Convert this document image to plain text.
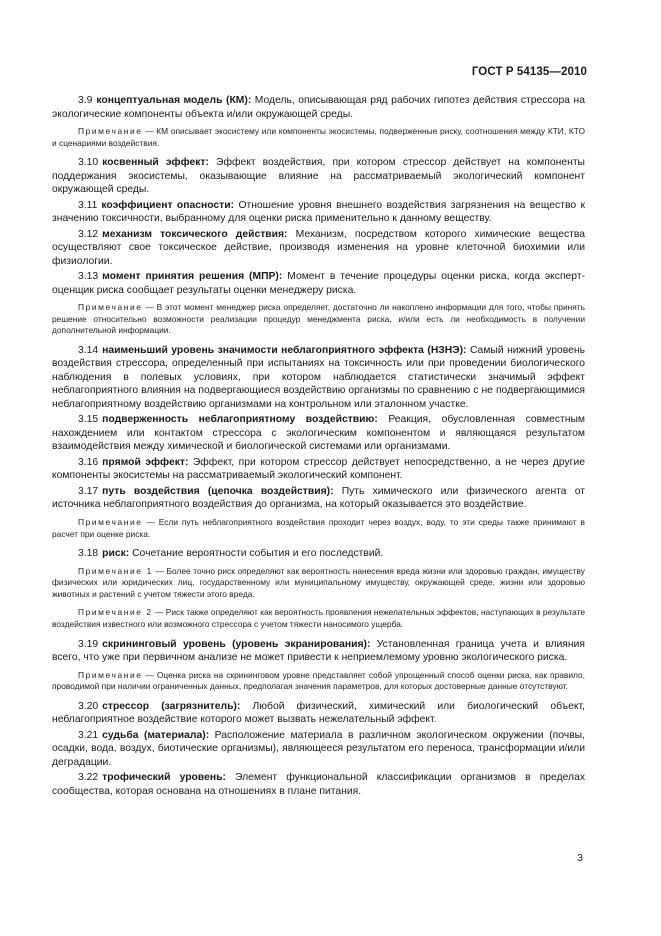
ГОСТ Р 54135—2010

3.9 концептуальная модель (КМ): Модель, описывающая ряд рабочих гипотез действия стрессора на экологические компоненты объекта и/или окружающей среды.

Примечание — КМ описывает экосистему или компоненты экосистемы, подверженные риску, соотношения между КТИ, КТО и сценариями воздействия.

3.10 косвенный эффект: Эффект воздействия, при котором стрессор действует на компоненты поддержания экосистемы, оказывающие влияние на рассматриваемый экологический компонент окружающей среды.

3.11 коэффициент опасности: Отношение уровня внешнего воздействия загрязнения на вещество к значению токсичности, выбранному для оценки риска применительно к данному веществу.

3.12 механизм токсического действия: Механизм, посредством которого химические вещества осуществляют свое токсическое действие, производя изменения на уровне клеточной биохимии или физиологии.

3.13 момент принятия решения (МПР): Момент в течение процедуры оценки риска, когда эксперт-оценщик риска сообщает результаты оценки менеджеру риска.

Примечание — В этот момент менеджер риска определяет, достаточно ли накоплено информации для того, чтобы принять решение относительно возможности реализации процедур менеджмента риска, и/или есть ли необходимость в получении дополнительной информации.

3.14 наименьший уровень значимости неблагоприятного эффекта (НЗНЭ): Самый нижний уровень воздействия стрессора, определенный при испытаниях на токсичность или при проведении биологического наблюдения в полевых условиях, при котором наблюдается статистически значимый эффект неблагоприятного влияния на подвергающиеся воздействию организмы по сравнению с не подвергающимися неблагоприятному воздействию организмами на контрольном или эталонном участке.

3.15 подверженность неблагоприятному воздействию: Реакция, обусловленная совместным нахождением или контактом стрессора с экологическим компонентом и являющаяся результатом взаимодействия между химической и биологической системами или организмами.

3.16 прямой эффект: Эффект, при котором стрессор действует непосредственно, а не через другие компоненты экосистемы на рассматриваемый экологический компонент.

3.17 путь воздействия (цепочка воздействия): Путь химического или физического агента от источника неблагоприятного воздействия до организма, на который оказывается это воздействие.

Примечание — Если путь неблагоприятного воздействия проходит через воздух, воду, то эти среды также принимают в расчет при оценке риска.

3.18 риск: Сочетание вероятности события и его последствий.

Примечание 1 — Более точно риск определяют как вероятность нанесения вреда жизни или здоровью граждан, имуществу физических или юридических лиц, государственному или муниципальному имуществу, окружающей среде, жизни или здоровью животных и растений с учетом тяжести этого вреда.

Примечание 2 — Риск также определяют как вероятность проявления нежелательных эффектов, наступающих в результате воздействия известного или возможного стрессора с учетом тяжести наносимого ущерба.

3.19 скрининговый уровень (уровень экранирования): Установленная граница учета и влияния всего, что уже при первичном анализе не может привести к неприемлемому уровню экологического риска.

Примечание — Оценка риска на скрининговом уровне представляет собой упрощенный способ оценки риска, как правило, проводимой при наличии ограниченных данных, предполагая значения параметров, для которых достоверные данные отсутствуют.

3.20 стрессор (загрязнитель): Любой физический, химический или биологический объект, неблагоприятное воздействие которого может вызвать нежелательный эффект.

3.21 судьба (материала): Расположение материала в различном экологическом окружении (почвы, осадки, вода, воздух, биотические организмы), являющееся результатом его переноса, трансформации и/или деградации.

3.22 трофический уровень: Элемент функциональной классификации организмов в пределах сообщества, которая основана на отношениях в плане питания.

3
